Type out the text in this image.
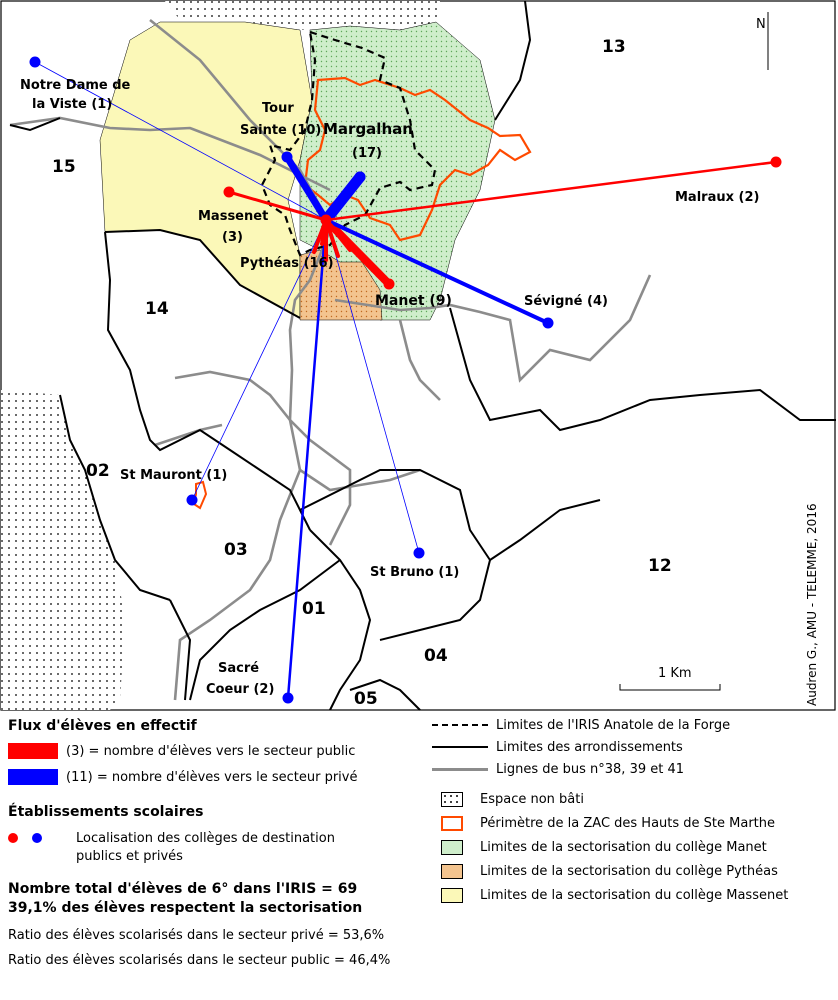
13
15
14
02
03
12
01
04
05
Notre Dame de
la Viste (1)	Tour
Sainte (10) Margalhan
(17)
Massenet
(3)
Pythéas (16)
Manet (9)
Malraux (2)
Sévigné (4)
St Mauront (1)
St Bruno (1)
Sacré
Coeur (2)
N
1 Km	Audren G., AMU - TELEMME, 2016
Flux d'élèves en effectif
(3) = nombre d'élèves vers le secteur public
(11) = nombre d'élèves vers le secteur privé
Établissements scolaires
Localisation des collèges de destination
publics et privés
Nombre total d'élèves de 6° dans l'IRIS = 69
39,1% des élèves respectent la sectorisation
Ratio des élèves scolarisés dans le secteur privé = 53,6%
Ratio des élèves scolarisés dans le secteur public = 46,4%
Limites de l'IRIS Anatole de la Forge
Limites des arrondissements
Lignes de bus n°38, 39 et 41
Espace non bâti
Périmètre de la ZAC des Hauts de Ste Marthe
Limites de la sectorisation du collège Manet
Limites de la sectorisation du collège Pythéas
Limites de la sectorisation du collège Massenet
